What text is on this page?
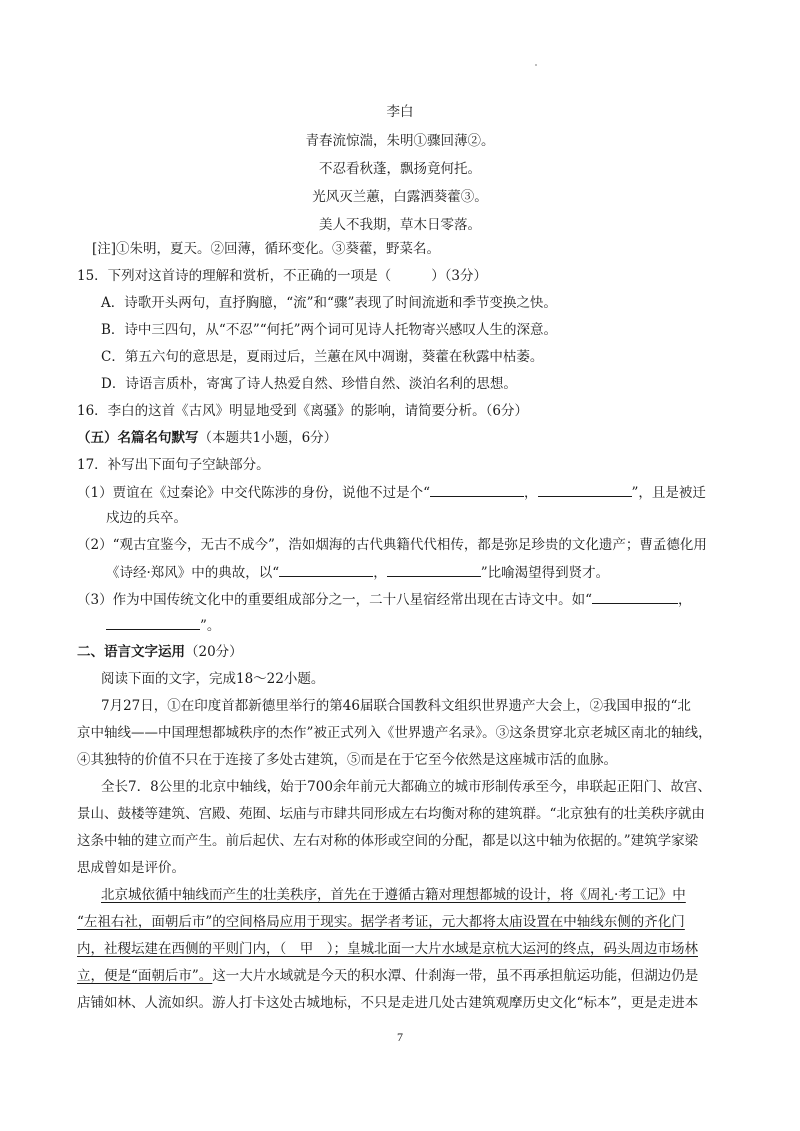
李白
青春流惊湍，朱明①骤回薄②。
不忍看秋蓬，飘扬竟何托。
光风灭兰蕙，白露洒葵藿③。
美人不我期，草木日零落。
[注]①朱明，夏天。②回薄，循环变化。③葵藿，野菜名。
15．下列对这首诗的理解和赏析，不正确的一项是（	）（3分）
A．诗歌开头两句，直抒胸臆，“流”和“骤”表现了时间流逝和季节变换之快。
B．诗中三四句，从“不忍”“何托”两个词可见诗人托物寄兴感叹人生的深意。
C．第五六句的意思是，夏雨过后，兰蕙在风中凋谢，葵藿在秋露中枯萎。
D．诗语言质朴，寄寓了诗人热爱自然、珍惜自然、淡泊名利的思想。
16．李白的这首《古风》明显地受到《离骚》的影响，请简要分析。（6分）
（五）名篇名句默写（本题共1小题，6分）
17．补写出下面句子空缺部分。
（1）贾谊在《过秦论》中交代陈涉的身份，说他不过是个“	，	”，且是被迁
戍边的兵卒。
（2）“观古宜鉴今，无古不成今”，浩如烟海的古代典籍代代相传，都是弥足珍贵的文化遗产；曹孟德化用
《诗经·郑风》中的典故，以“	，	”比喻渴望得到贤才。
（3）作为中国传统文化中的重要组成部分之一，二十八星宿经常出现在古诗文中。如“	，
”。
二、语言文字运用（20分）
阅读下面的文字，完成18～22小题。
7月27日，①在印度首都新德里举行的第46届联合国教科文组织世界遗产大会上，②我国申报的“北
京中轴线——中国理想都城秩序的杰作”被正式列入《世界遗产名录》。③这条贯穿北京老城区南北的轴线，
④其独特的价值不只在于连接了多处古建筑，⑤而是在于它至今依然是这座城市活的血脉。
全长7．8公里的北京中轴线，始于700余年前元大都确立的城市形制传承至今，串联起正阳门、故宫、
景山、鼓楼等建筑、宫殿、苑囿、坛庙与市肆共同形成左右均衡对称的建筑群。“北京独有的壮美秩序就由
这条中轴的建立而产生。前后起伏、左右对称的体形或空间的分配，都是以这中轴为依据的。”建筑学家梁
思成曾如是评价。
北京城依循中轴线而产生的壮美秩序，首先在于遵循古籍对理想都城的设计，将《周礼·考工记》中
“左祖右社，面朝后市”的空间格局应用于现实。据学者考证，元大都将太庙设置在中轴线东侧的齐化门
内，社稷坛建在西侧的平则门内，（　甲　）；皇城北面一大片水域是京杭大运河的终点，码头周边市场林
立，便是“面朝后市”。这一大片水域就是今天的积水潭、什刹海一带，虽不再承担航运功能，但湖边仍是
店铺如林、人流如织。游人打卡这处古城地标，不只是走进几处古建筑观摩历史文化“标本”，更是走进本
7
